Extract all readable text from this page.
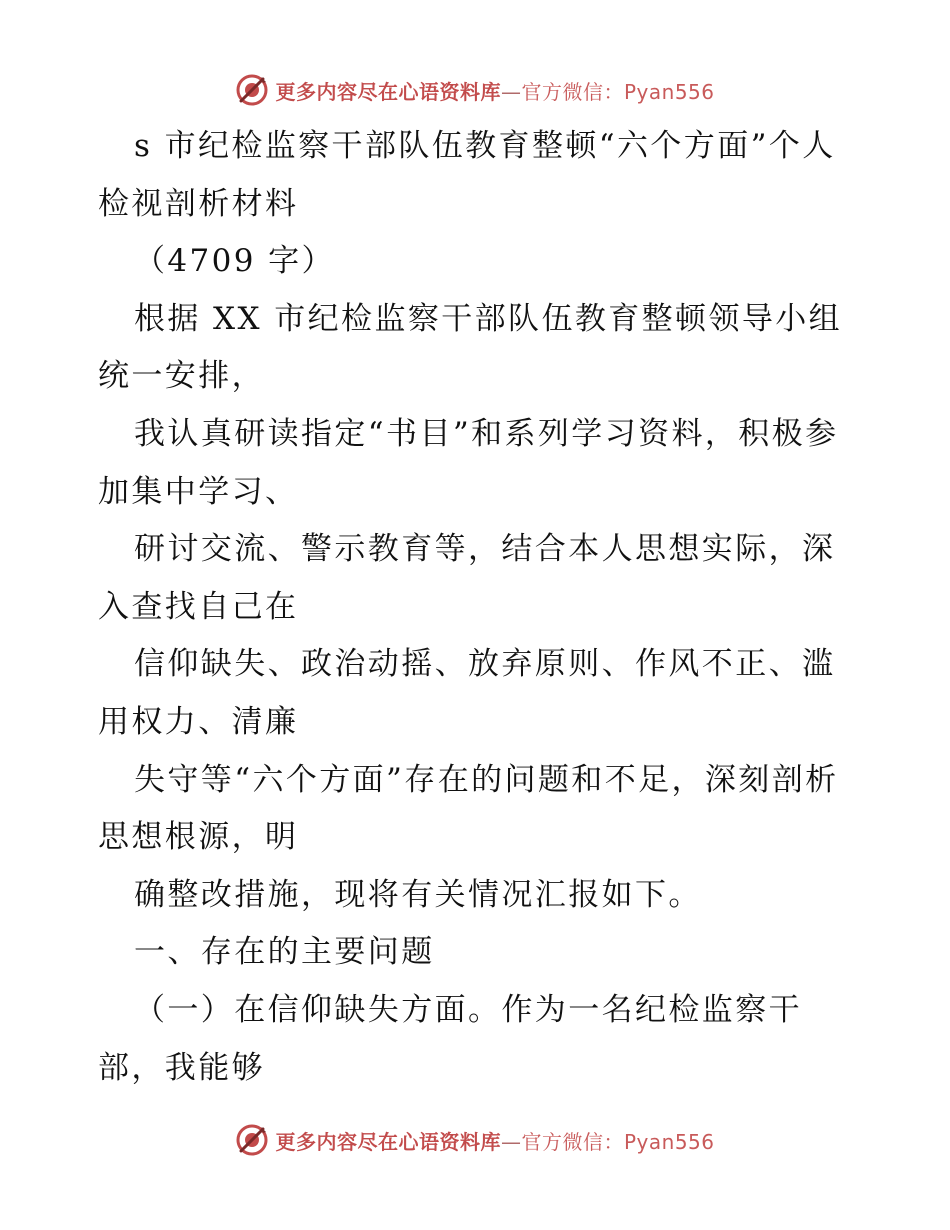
更多内容尽在心语资料库—官方微信：Pyan556

s 市纪检监察干部队伍教育整顿“六个方面”个人检视剖析材料

（4709 字）

根据 XX 市纪检监察干部队伍教育整顿领导小组统一安排，

我认真研读指定“书目”和系列学习资料，积极参加集中学习、

研讨交流、警示教育等，结合本人思想实际，深入查找自己在

信仰缺失、政治动摇、放弃原则、作风不正、滥用权力、清廉

失守等“六个方面”存在的问题和不足，深刻剖析思想根源，明

确整改措施，现将有关情况汇报如下。

一、存在的主要问题

（一）在信仰缺失方面。作为一名纪检监察干部，我能够

更多内容尽在心语资料库—官方微信：Pyan556
